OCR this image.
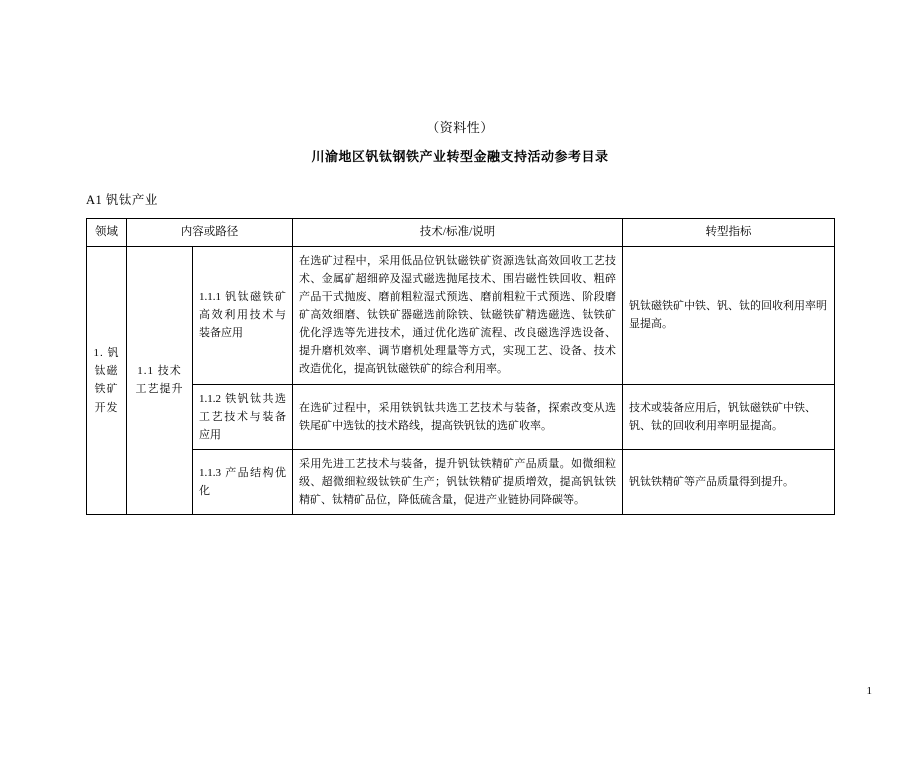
（资料性）
川渝地区钒钛钢铁产业转型金融支持活动参考目录
A1 钒钛产业
领域	内容或路径		技术/标准/说明	转型指标
1. 钒钛磁铁矿开发	1.1 技术工艺提升	1.1.1 钒钛磁铁矿高效利用技术与装备应用	在选矿过程中，采用低品位钒钛磁铁矿资源选钛高效回收工艺技术、金属矿超细碎及湿式磁选抛尾技术、围岩磁性铁回收、粗碎产品干式抛废、磨前粗粒湿式预选、磨前粗粒干式预选、阶段磨矿高效细磨、钛铁矿器磁选前除铁、钛磁铁矿精选磁选、钛铁矿优化浮选等先进技术，通过优化选矿流程、改良磁选浮选设备、提升磨机效率、调节磨机处理量等方式，实现工艺、设备、技术改造优化，提高钒钛磁铁矿的综合利用率。	钒钛磁铁矿中铁、钒、钛的回收利用率明显提高。
		1.1.2 铁钒钛共选工艺技术与装备应用	在选矿过程中，采用铁钒钛共选工艺技术与装备，探索改变从选铁尾矿中选钛的技术路线，提高铁钒钛的选矿收率。	技术或装备应用后，钒钛磁铁矿中铁、钒、钛的回收利用率明显提高。
		1.1.3 产品结构优化	采用先进工艺技术与装备，提升钒钛铁精矿产品质量。如微细粒级、超微细粒级钛铁矿生产；钒钛铁精矿提质增效，提高钒钛铁精矿、钛精矿品位，降低硫含量，促进产业链协同降碳等。	钒钛铁精矿等产品质量得到提升。
1
